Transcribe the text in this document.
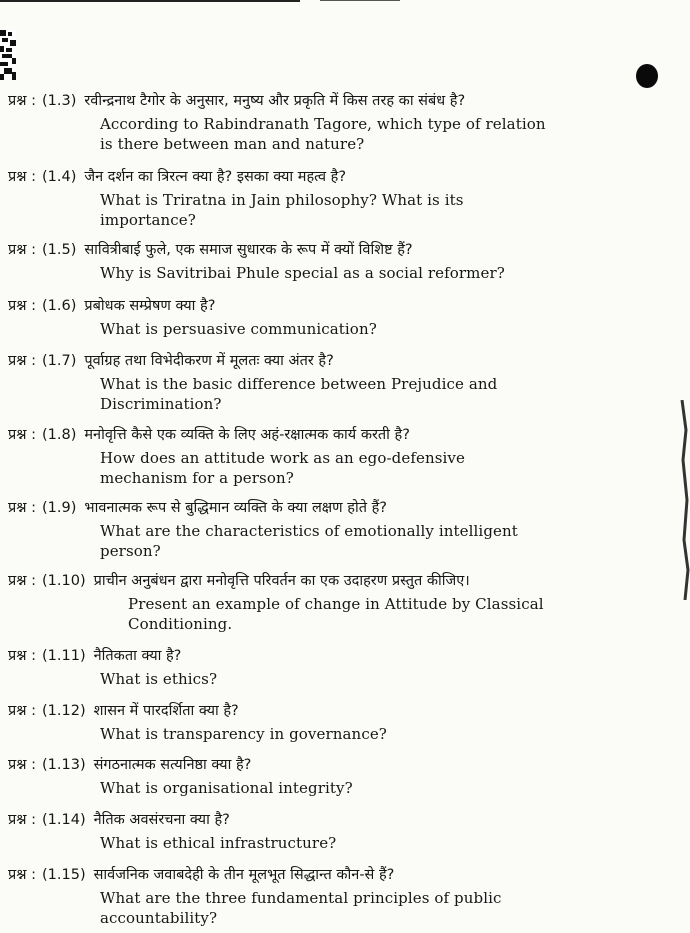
प्रश्न : (1.3) रवीन्द्रनाथ टैगोर के अनुसार, मनुष्य और प्रकृति में किस तरह का संबंध है?
According to Rabindranath Tagore, which type of relation is there between man and nature?
प्रश्न : (1.4) जैन दर्शन का त्रिरत्न क्या है? इसका क्या महत्व है?
What is Triratna in Jain philosophy? What is its importance?
प्रश्न : (1.5) सावित्रीबाई फुले, एक समाज सुधारक के रूप में क्यों विशिष्ट हैं?
Why is Savitribai Phule special as a social reformer?
प्रश्न : (1.6) प्रबोधक सम्प्रेषण क्या है?
What is persuasive communication?
प्रश्न : (1.7) पूर्वाग्रह तथा विभेदीकरण में मूलतः क्या अंतर है?
What is the basic difference between Prejudice and Discrimination?
प्रश्न : (1.8) मनोवृत्ति कैसे एक व्यक्ति के लिए अहं-रक्षात्मक कार्य करती है?
How does an attitude work as an ego-defensive mechanism for a person?
प्रश्न : (1.9) भावनात्मक रूप से बुद्धिमान व्यक्ति के क्या लक्षण होते हैं?
What are the characteristics of emotionally intelligent person?
प्रश्न : (1.10) प्राचीन अनुबंधन द्वारा मनोवृत्ति परिवर्तन का एक उदाहरण प्रस्तुत कीजिए।
Present an example of change in Attitude by Classical Conditioning.
प्रश्न : (1.11) नैतिकता क्या है?
What is ethics?
प्रश्न : (1.12) शासन में पारदर्शिता क्या है?
What is transparency in governance?
प्रश्न : (1.13) संगठनात्मक सत्यनिष्ठा क्या है?
What is organisational integrity?
प्रश्न : (1.14) नैतिक अवसंरचना क्या है?
What is ethical infrastructure?
प्रश्न : (1.15) सार्वजनिक जवाबदेही के तीन मूलभूत सिद्धान्त कौन-से हैं?
What are the three fundamental principles of public accountability?
